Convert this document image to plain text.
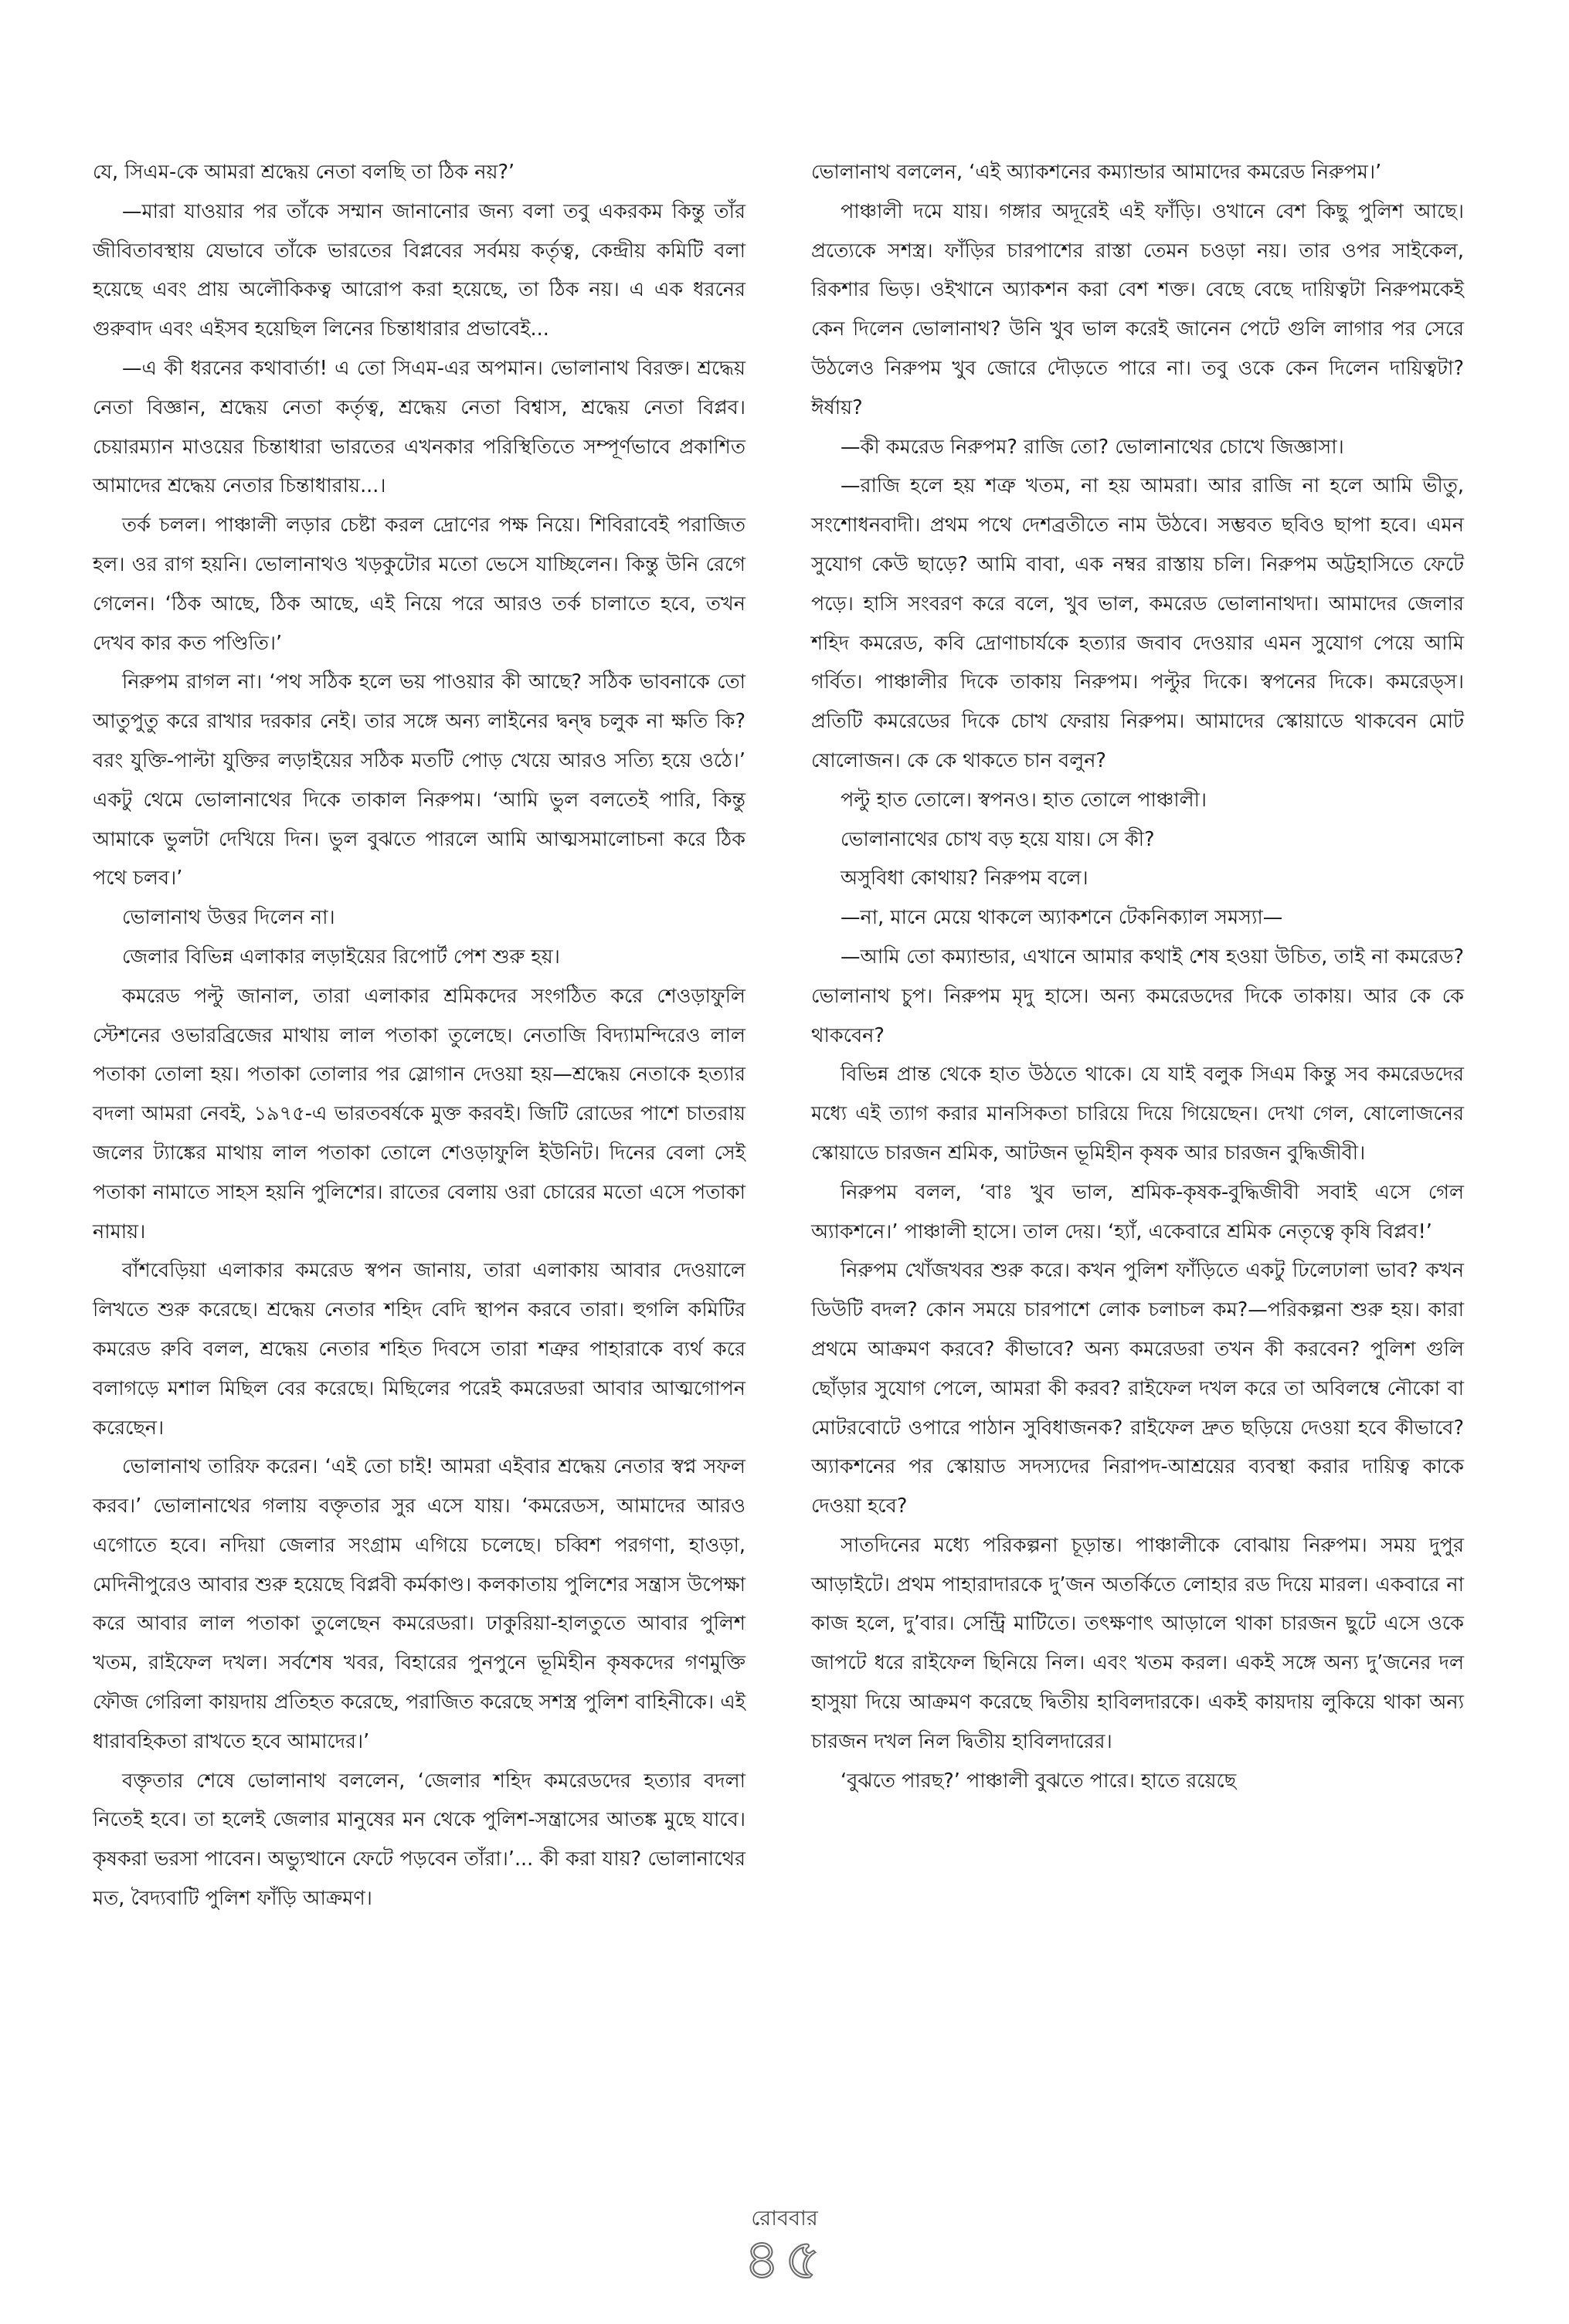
যে, সিএম-কে আমরা শ্রদ্ধেয় নেতা বলছি তা ঠিক নয়?’

—মারা যাওয়ার পর তাঁকে সম্মান জানানোর জন্য বলা তবু একরকম কিন্তু তাঁর জীবিতাবস্থায় যেভাবে তাঁকে ভারতের বিপ্লবের সর্বময় কর্তৃত্ব, কেন্দ্রীয় কমিটি বলা হয়েছে এবং প্রায় অলৌকিকত্ব আরোপ করা হয়েছে, তা ঠিক নয়। এ এক ধরনের গুরুবাদ এবং এইসব হয়েছিল লিনের চিন্তাধারার প্রভাবেই...

—এ কী ধরনের কথাবার্তা! এ তো সিএম-এর অপমান। ভোলানাথ বিরক্ত। শ্রদ্ধেয় নেতা বিজ্ঞান, শ্রদ্ধেয় নেতা কর্তৃত্ব, শ্রদ্ধেয় নেতা বিশ্বাস, শ্রদ্ধেয় নেতা বিপ্লব। চেয়ারম্যান মাওয়ের চিন্তাধারা ভারতের এখনকার পরিস্থিতিতে সম্পূর্ণভাবে প্রকাশিত আমাদের শ্রদ্ধেয় নেতার চিন্তাধারায়...।

তর্ক চলল। পাঞ্চালী লড়ার চেষ্টা করল দ্রোণের পক্ষ নিয়ে। শিবিরাবেই পরাজিত হল। ওর রাগ হয়নি। ভোলানাথও খড়কুটোর মতো ভেসে যাচ্ছিলেন। কিন্তু উনি রেগে গেলেন। ‘ঠিক আছে, ঠিক আছে, এই নিয়ে পরে আরও তর্ক চালাতে হবে, তখন দেখব কার কত পণ্ডিতি।’

নিরুপম রাগল না। ‘পথ সঠিক হলে ভয় পাওয়ার কী আছে? সঠিক ভাবনাকে তো আতুপুতু করে রাখার দরকার নেই। তার সঙ্গে অন্য লাইনের দ্বন্দ্ব চলুক না ক্ষতি কি? বরং যুক্তি-পাল্টা যুক্তির লড়াইয়ের সঠিক মতটি পোড় খেয়ে আরও সত্যি হয়ে ওঠে।’ একটু থেমে ভোলানাথের দিকে তাকাল নিরুপম। ‘আমি ভুল বলতেই পারি, কিন্তু আমাকে ভুলটা দেখিয়ে দিন। ভুল বুঝতে পারলে আমি আত্মসমালোচনা করে ঠিক পথে চলব।’

ভোলানাথ উত্তর দিলেন না।

জেলার বিভিন্ন এলাকার লড়াইয়ের রিপোর্ট পেশ শুরু হয়।

কমরেড পল্টু জানাল, তারা এলাকার শ্রমিকদের সংগঠিত করে শেওড়াফুলি স্টেশনের ওভারব্রিজের মাথায় লাল পতাকা তুলেছে। নেতাজি বিদ্যামন্দিরেও লাল পতাকা তোলা হয়। পতাকা তোলার পর স্লোগান দেওয়া হয়—শ্রদ্ধেয় নেতাকে হত্যার বদলা আমরা নেবই, ১৯৭৫-এ ভারতবর্ষকে মুক্ত করবই। জিটি রোডের পাশে চাতরায় জলের ট্যাঙ্কের মাথায় লাল পতাকা তোলে শেওড়াফুলি ইউনিট। দিনের বেলা সেই পতাকা নামাতে সাহস হয়নি পুলিশের। রাতের বেলায় ওরা চোরের মতো এসে পতাকা নামায়।

বাঁশবেড়িয়া এলাকার কমরেড স্বপন জানায়, তারা এলাকায় আবার দেওয়ালে লিখতে শুরু করেছে। শ্রদ্ধেয় নেতার শহিদ বেদি স্থাপন করবে তারা। হুগলি কমিটির কমরেড রুবি বলল, শ্রদ্ধেয় নেতার শহিত দিবসে তারা শত্রুর পাহারাকে ব্যর্থ করে বলাগড়ে মশাল মিছিল বের করেছে। মিছিলের পরেই কমরেডরা আবার আত্মগোপন করেছেন।

ভোলানাথ তারিফ করেন। ‘এই তো চাই! আমরা এইবার শ্রদ্ধেয় নেতার স্বপ্ন সফল করব।’ ভোলানাথের গলায় বক্তৃতার সুর এসে যায়। ‘কমরেডস, আমাদের আরও এগোতে হবে। নদিয়া জেলার সংগ্রাম এগিয়ে চলেছে। চব্বিশ পরগণা, হাওড়া, মেদিনীপুরেও আবার শুরু হয়েছে বিপ্লবী কর্মকাণ্ড। কলকাতায় পুলিশের সন্ত্রাস উপেক্ষা করে আবার লাল পতাকা তুলেছেন কমরেডরা। ঢাকুরিয়া-হালতুতে আবার পুলিশ খতম, রাইফেল দখল। সর্বশেষ খবর, বিহারের পুনপুনে ভূমিহীন কৃষকদের গণমুক্তি ফৌজ গেরিলা কায়দায় প্রতিহত করেছে, পরাজিত করেছে সশস্ত্র পুলিশ বাহিনীকে। এই ধারাবহিকতা রাখতে হবে আমাদের।’

বক্তৃতার শেষে ভোলানাথ বললেন, ‘জেলার শহিদ কমরেডদের হত্যার বদলা নিতেই হবে। তা হলেই জেলার মানুষের মন থেকে পুলিশ-সন্ত্রাসের আতঙ্ক মুছে যাবে। কৃষকরা ভরসা পাবেন। অভ্যুত্থানে ফেটে পড়বেন তাঁরা।’... কী করা যায়? ভোলানাথের মত, বৈদ্যবাটি পুলিশ ফাঁড়ি আক্রমণ।

ভোলানাথ বললেন, ‘এই অ্যাকশনের কম্যান্ডার আমাদের কমরেড নিরুপম।’

পাঞ্চালী দমে যায়। গঙ্গার অদূরেই এই ফাঁড়ি। ওখানে বেশ কিছু পুলিশ আছে। প্রত্যেকে সশস্ত্র। ফাঁড়ির চারপাশের রাস্তা তেমন চওড়া নয়। তার ওপর সাইকেল, রিকশার ভিড়। ওইখানে অ্যাকশন করা বেশ শক্ত। বেছে বেছে দায়িত্বটা নিরুপমকেই কেন দিলেন ভোলানাথ? উনি খুব ভাল করেই জানেন পেটে গুলি লাগার পর সেরে উঠলেও নিরুপম খুব জোরে দৌড়তে পারে না। তবু ওকে কেন দিলেন দায়িত্বটা? ঈর্ষায়?

—কী কমরেড নিরুপম? রাজি তো? ভোলানাথের চোখে জিজ্ঞাসা।

—রাজি হলে হয় শত্রু খতম, না হয় আমরা। আর রাজি না হলে আমি ভীতু, সংশোধনবাদী। প্রথম পথে দেশব্রতীতে নাম উঠবে। সম্ভবত ছবিও ছাপা হবে। এমন সুযোগ কেউ ছাড়ে? আমি বাবা, এক নম্বর রাস্তায় চলি। নিরুপম অট্টহাসিতে ফেটে পড়ে। হাসি সংবরণ করে বলে, খুব ভাল, কমরেড ভোলানাথদা। আমাদের জেলার শহিদ কমরেড, কবি দ্রোণাচার্যকে হত্যার জবাব দেওয়ার এমন সুযোগ পেয়ে আমি গর্বিত। পাঞ্চালীর দিকে তাকায় নিরুপম। পল্টুর দিকে। স্বপনের দিকে। কমরেড্স। প্রতিটি কমরেডের দিকে চোখ ফেরায় নিরুপম। আমাদের স্কোয়াডে থাকবেন মোট ষোলোজন। কে কে থাকতে চান বলুন?

পল্টু হাত তোলে। স্বপনও। হাত তোলে পাঞ্চালী।

ভোলানাথের চোখ বড় হয়ে যায়। সে কী?

অসুবিধা কোথায়? নিরুপম বলে।

—না, মানে মেয়ে থাকলে অ্যাকশনে টেকনিক্যাল সমস্যা—

—আমি তো কম্যান্ডার, এখানে আমার কথাই শেষ হওয়া উচিত, তাই না কমরেড? ভোলানাথ চুপ। নিরুপম মৃদু হাসে। অন্য কমরেডদের দিকে তাকায়। আর কে কে থাকবেন?

বিভিন্ন প্রান্ত থেকে হাত উঠতে থাকে। যে যাই বলুক সিএম কিন্তু সব কমরেডদের মধ্যে এই ত্যাগ করার মানসিকতা চারিয়ে দিয়ে গিয়েছেন। দেখা গেল, ষোলোজনের স্কোয়াডে চারজন শ্রমিক, আটজন ভূমিহীন কৃষক আর চারজন বুদ্ধিজীবী।

নিরুপম বলল, ‘বাঃ খুব ভাল, শ্রমিক-কৃষক-বুদ্ধিজীবী সবাই এসে গেল অ্যাকশনে।’ পাঞ্চালী হাসে। তাল দেয়। ‘হ্যাঁ, একেবারে শ্রমিক নেতৃত্বে কৃষি বিপ্লব!’

নিরুপম খোঁজখবর শুরু করে। কখন পুলিশ ফাঁড়িতে একটু ঢিলেঢালা ভাব? কখন ডিউটি বদল? কোন সময়ে চারপাশে লোক চলাচল কম?—পরিকল্পনা শুরু হয়। কারা প্রথমে আক্রমণ করবে? কীভাবে? অন্য কমরেডরা তখন কী করবেন? পুলিশ গুলি ছোঁড়ার সুযোগ পেলে, আমরা কী করব? রাইফেল দখল করে তা অবিলম্বে নৌকো বা মোটরবোটে ওপারে পাঠান সুবিধাজনক? রাইফেল দ্রুত ছড়িয়ে দেওয়া হবে কীভাবে? অ্যাকশনের পর স্কোয়াড সদস্যদের নিরাপদ-আশ্রয়ের ব্যবস্থা করার দায়িত্ব কাকে দেওয়া হবে?

সাতদিনের মধ্যে পরিকল্পনা চূড়ান্ত। পাঞ্চালীকে বোঝায় নিরুপম। সময় দুপুর আড়াইটে। প্রথম পাহারাদারকে দু’জন অতর্কিতে লোহার রড দিয়ে মারল। একবারে না কাজ হলে, দু’বার। সেন্ট্রি মাটিতে। তৎক্ষণাৎ আড়ালে থাকা চারজন ছুটে এসে ওকে জাপটে ধরে রাইফেল ছিনিয়ে নিল। এবং খতম করল। একই সঙ্গে অন্য দু’জনের দল হাসুয়া দিয়ে আক্রমণ করেছে দ্বিতীয় হাবিলদারকে। একই কায়দায় লুকিয়ে থাকা অন্য চারজন দখল নিল দ্বিতীয় হাবিলদারের।

‘বুঝতে পারছ?’ পাঞ্চালী বুঝতে পারে। হাতে রয়েছে

রোববার
৪৫
